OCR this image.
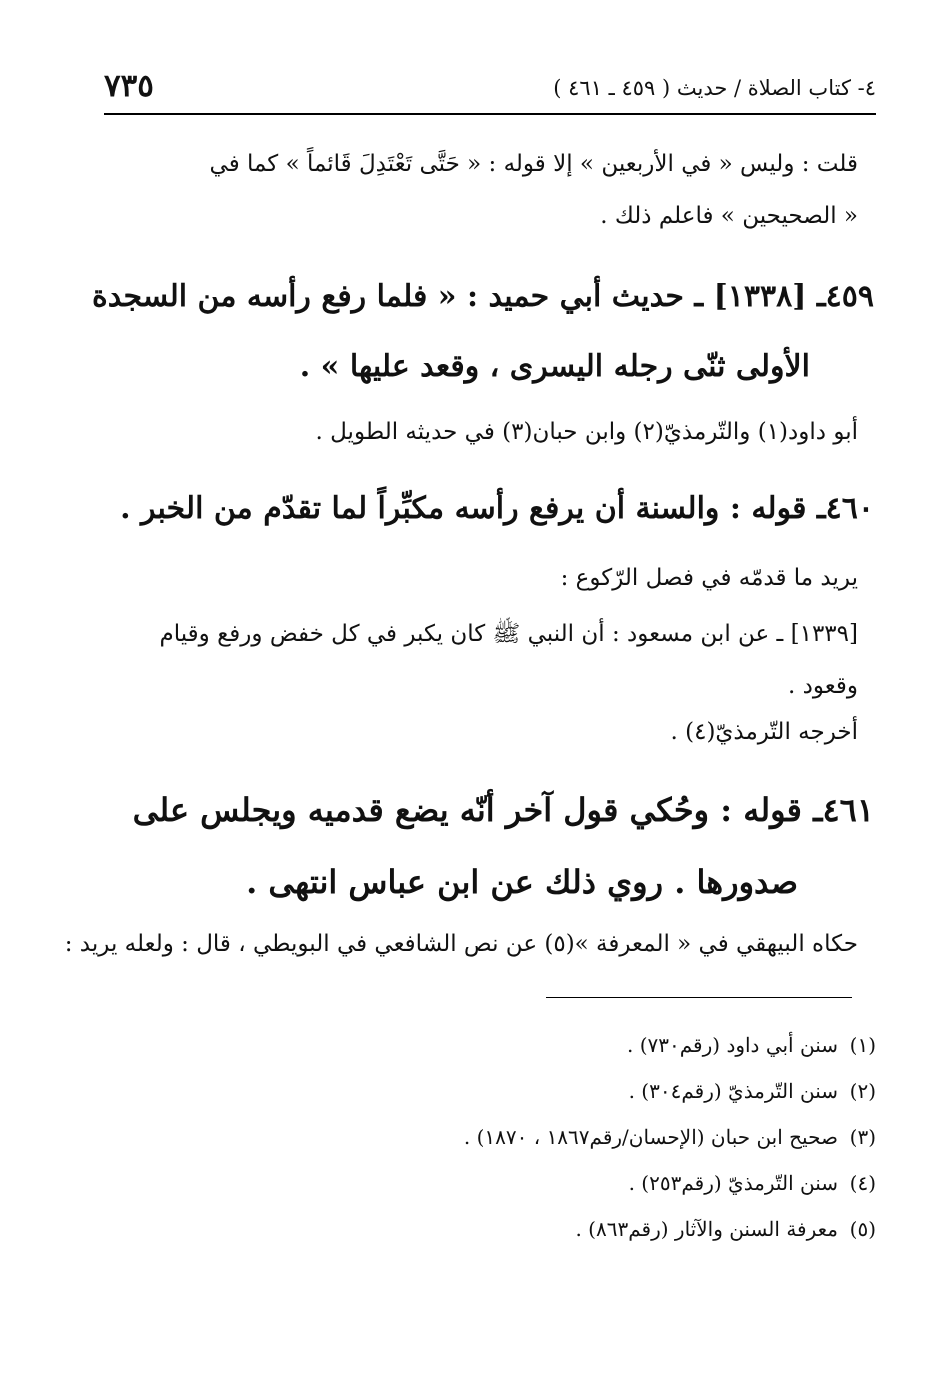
٤- كتاب الصلاة / حديث ( ٤٥٩ ـ ٤٦١ )
٧٣٥
قلت : وليس « في الأربعين » إلا قوله : « حَتَّى تَعْتَدِلَ قَائماً » كما في
« الصحيحين » فاعلم ذلك .
٤٥٩ـ [١٣٣٨] ـ حديث أبي حميد : « فلما رفع رأسه من السجدة
الأولى ثنّى رجله اليسرى ، وقعد عليها » .
أبو داود(١) والتّرمذيّ(٢) وابن حبان(٣) في حديثه الطويل .
٤٦٠ـ قوله : والسنة أن يرفع رأسه مكبِّراً لما تقدّم من الخبر .
يريد ما قدمّه في فصل الرّكوع :
[١٣٣٩] ـ عن ابن مسعود : أن النبي ﷺ كان يكبر في كل خفض ورفع وقيام
وقعود .
أخرجه التّرمذيّ(٤) .
٤٦١ـ قوله : وحُكي قول آخر أنّه يضع قدميه ويجلس على
صدورها . روي ذلك عن ابن عباس انتهى .
حكاه البيهقي في « المعرفة »(٥) عن نص الشافعي في البويطي ، قال : ولعله يريد :
(١)سنن أبي داود (رقم٧٣٠) .
(٢)سنن التّرمذيّ (رقم٣٠٤) .
(٣)صحيح ابن حبان (الإحسان/رقم١٨٦٧ ، ١٨٧٠) .
(٤)سنن التّرمذيّ (رقم٢٥٣) .
(٥)معرفة السنن والآثار (رقم٨٦٣) .
